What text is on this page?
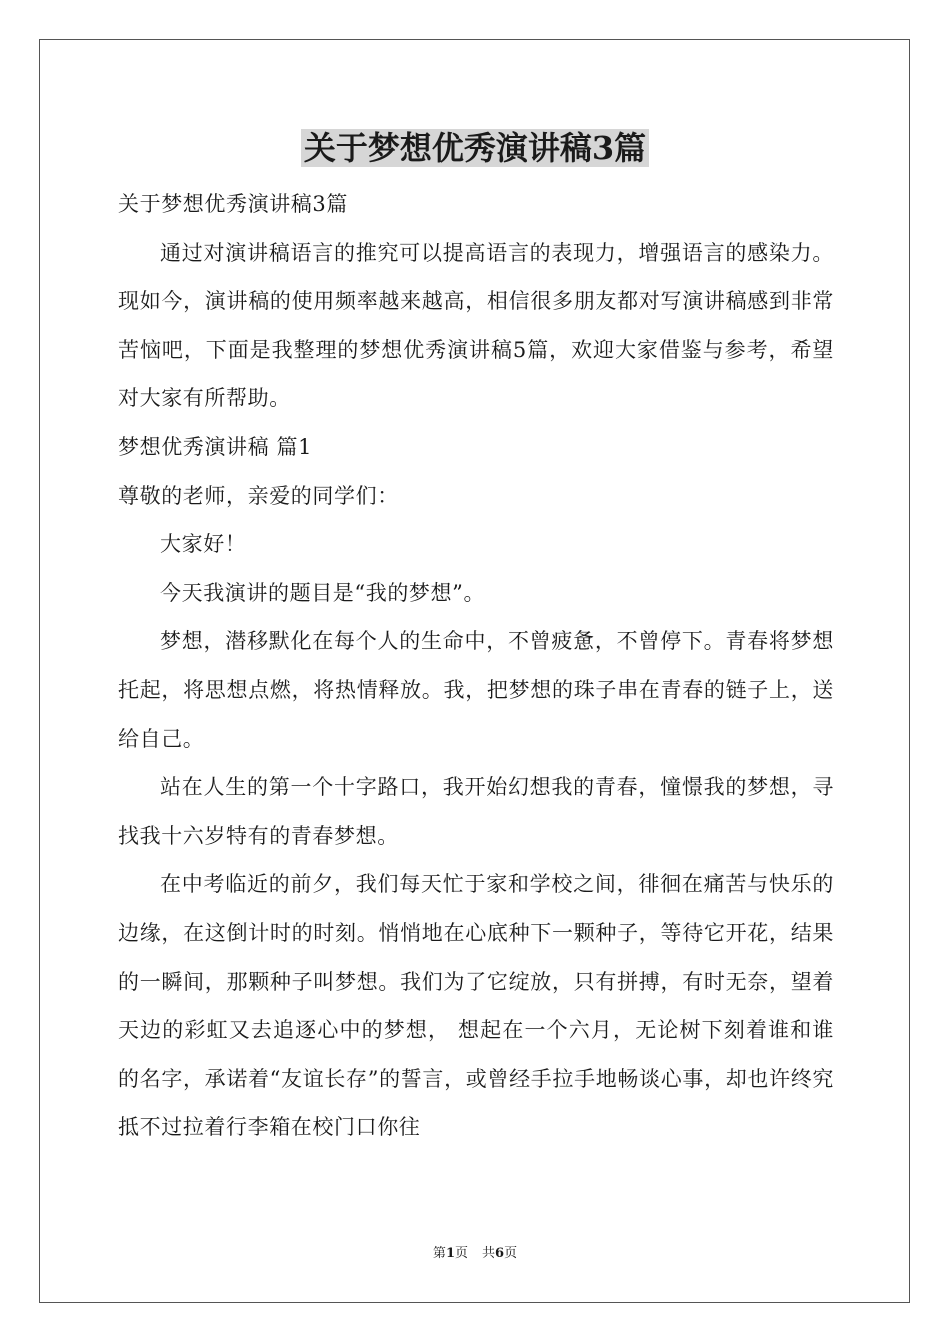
关于梦想优秀演讲稿3篇

关于梦想优秀演讲稿3篇

通过对演讲稿语言的推究可以提高语言的表现力，增强语言的感染力。现如今，演讲稿的使用频率越来越高，相信很多朋友都对写演讲稿感到非常苦恼吧，下面是我整理的梦想优秀演讲稿5篇，欢迎大家借鉴与参考，希望对大家有所帮助。

梦想优秀演讲稿 篇1

尊敬的老师，亲爱的同学们：

大家好！

今天我演讲的题目是“我的梦想”。

梦想，潜移默化在每个人的生命中，不曾疲惫，不曾停下。青春将梦想托起，将思想点燃，将热情释放。我，把梦想的珠子串在青春的链子上，送给自己。

站在人生的第一个十字路口，我开始幻想我的青春，憧憬我的梦想，寻找我十六岁特有的青春梦想。

在中考临近的前夕，我们每天忙于家和学校之间，徘徊在痛苦与快乐的边缘，在这倒计时的时刻。悄悄地在心底种下一颗种子，等待它开花，结果的一瞬间，那颗种子叫梦想。我们为了它绽放，只有拼搏，有时无奈，望着天边的彩虹又去追逐心中的梦想， 想起在一个六月，无论树下刻着谁和谁的名字，承诺着“友谊长存”的誓言，或曾经手拉手地畅谈心事，却也许终究抵不过拉着行李箱在校门口你往

第1页 共6页
